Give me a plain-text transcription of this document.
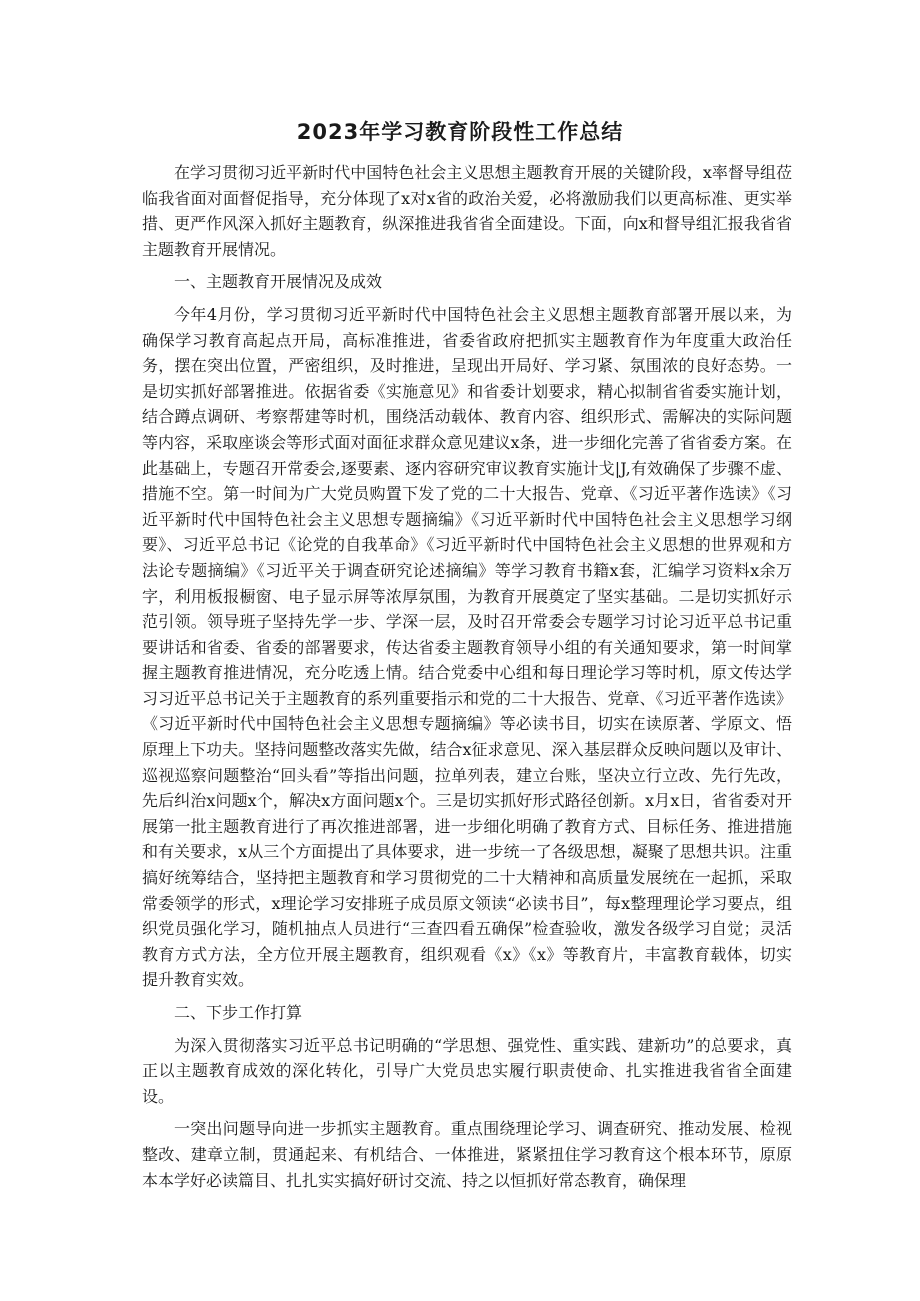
2023年学习教育阶段性工作总结

在学习贯彻习近平新时代中国特色社会主义思想主题教育开展的关键阶段，x率督导组莅临我省面对面督促指导，充分体现了x对x省的政治关爱，必将激励我们以更高标准、更实举措、更严作风深入抓好主题教育，纵深推进我省省全面建设。下面，向x和督导组汇报我省省主题教育开展情况。

一、主题教育开展情况及成效

今年4月份，学习贯彻习近平新时代中国特色社会主义思想主题教育部署开展以来，为确保学习教育高起点开局，高标准推进，省委省政府把抓实主题教育作为年度重大政治任务，摆在突出位置，严密组织，及时推进，呈现出开局好、学习紧、氛围浓的良好态势。一是切实抓好部署推进。依据省委《实施意见》和省委计划要求，精心拟制省省委实施计划，结合蹲点调研、考察帮建等时机，围绕活动载体、教育内容、组织形式、需解决的实际问题等内容，采取座谈会等形式面对面征求群众意见建议x条，进一步细化完善了省省委方案。在此基础上，专题召开常委会,逐要素、逐内容研究审议教育实施计戈|J,有效确保了步骤不虚、措施不空。第一时间为广大党员购置下发了党的二十大报告、党章、《习近平著作选读》《习近平新时代中国特色社会主义思想专题摘编》《习近平新时代中国特色社会主义思想学习纲要》、习近平总书记《论党的自我革命》《习近平新时代中国特色社会主义思想的世界观和方法论专题摘编》《习近平关于调查研究论述摘编》等学习教育书籍x套，汇编学习资料x余万字，利用板报橱窗、电子显示屏等浓厚氛围，为教育开展奠定了坚实基础。二是切实抓好示范引领。领导班子坚持先学一步、学深一层，及时召开常委会专题学习讨论习近平总书记重要讲话和省委、省委的部署要求，传达省委主题教育领导小组的有关通知要求，第一时间掌握主题教育推进情况，充分吃透上情。结合党委中心组和每日理论学习等时机，原文传达学习习近平总书记关于主题教育的系列重要指示和党的二十大报告、党章、《习近平著作选读》《习近平新时代中国特色社会主义思想专题摘编》等必读书目，切实在读原著、学原文、悟原理上下功夫。坚持问题整改落实先做，结合x征求意见、深入基层群众反映问题以及审计、巡视巡察问题整治“回头看”等指出问题，拉单列表，建立台账，坚决立行立改、先行先改，先后纠治x问题x个，解决x方面问题x个。三是切实抓好形式路径创新。x月x日，省省委对开展第一批主题教育进行了再次推进部署，进一步细化明确了教育方式、目标任务、推进措施和有关要求，x从三个方面提出了具体要求，进一步统一了各级思想，凝聚了思想共识。注重搞好统筹结合，坚持把主题教育和学习贯彻党的二十大精神和高质量发展统在一起抓，采取常委领学的形式，x理论学习安排班子成员原文领读“必读书目”，每x整理理论学习要点，组织党员强化学习，随机抽点人员进行“三查四看五确保”检查验收，激发各级学习自觉；灵活教育方式方法，全方位开展主题教育，组织观看《x》《x》等教育片，丰富教育载体，切实提升教育实效。

二、下步工作打算

为深入贯彻落实习近平总书记明确的“学思想、强党性、重实践、建新功”的总要求，真正以主题教育成效的深化转化，引导广大党员忠实履行职责使命、扎实推进我省省全面建设。

一突出问题导向进一步抓实主题教育。重点围绕理论学习、调查研究、推动发展、检视整改、建章立制，贯通起来、有机结合、一体推进，紧紧扭住学习教育这个根本环节，原原本本学好必读篇目、扎扎实实搞好研讨交流、持之以恒抓好常态教育，确保理
